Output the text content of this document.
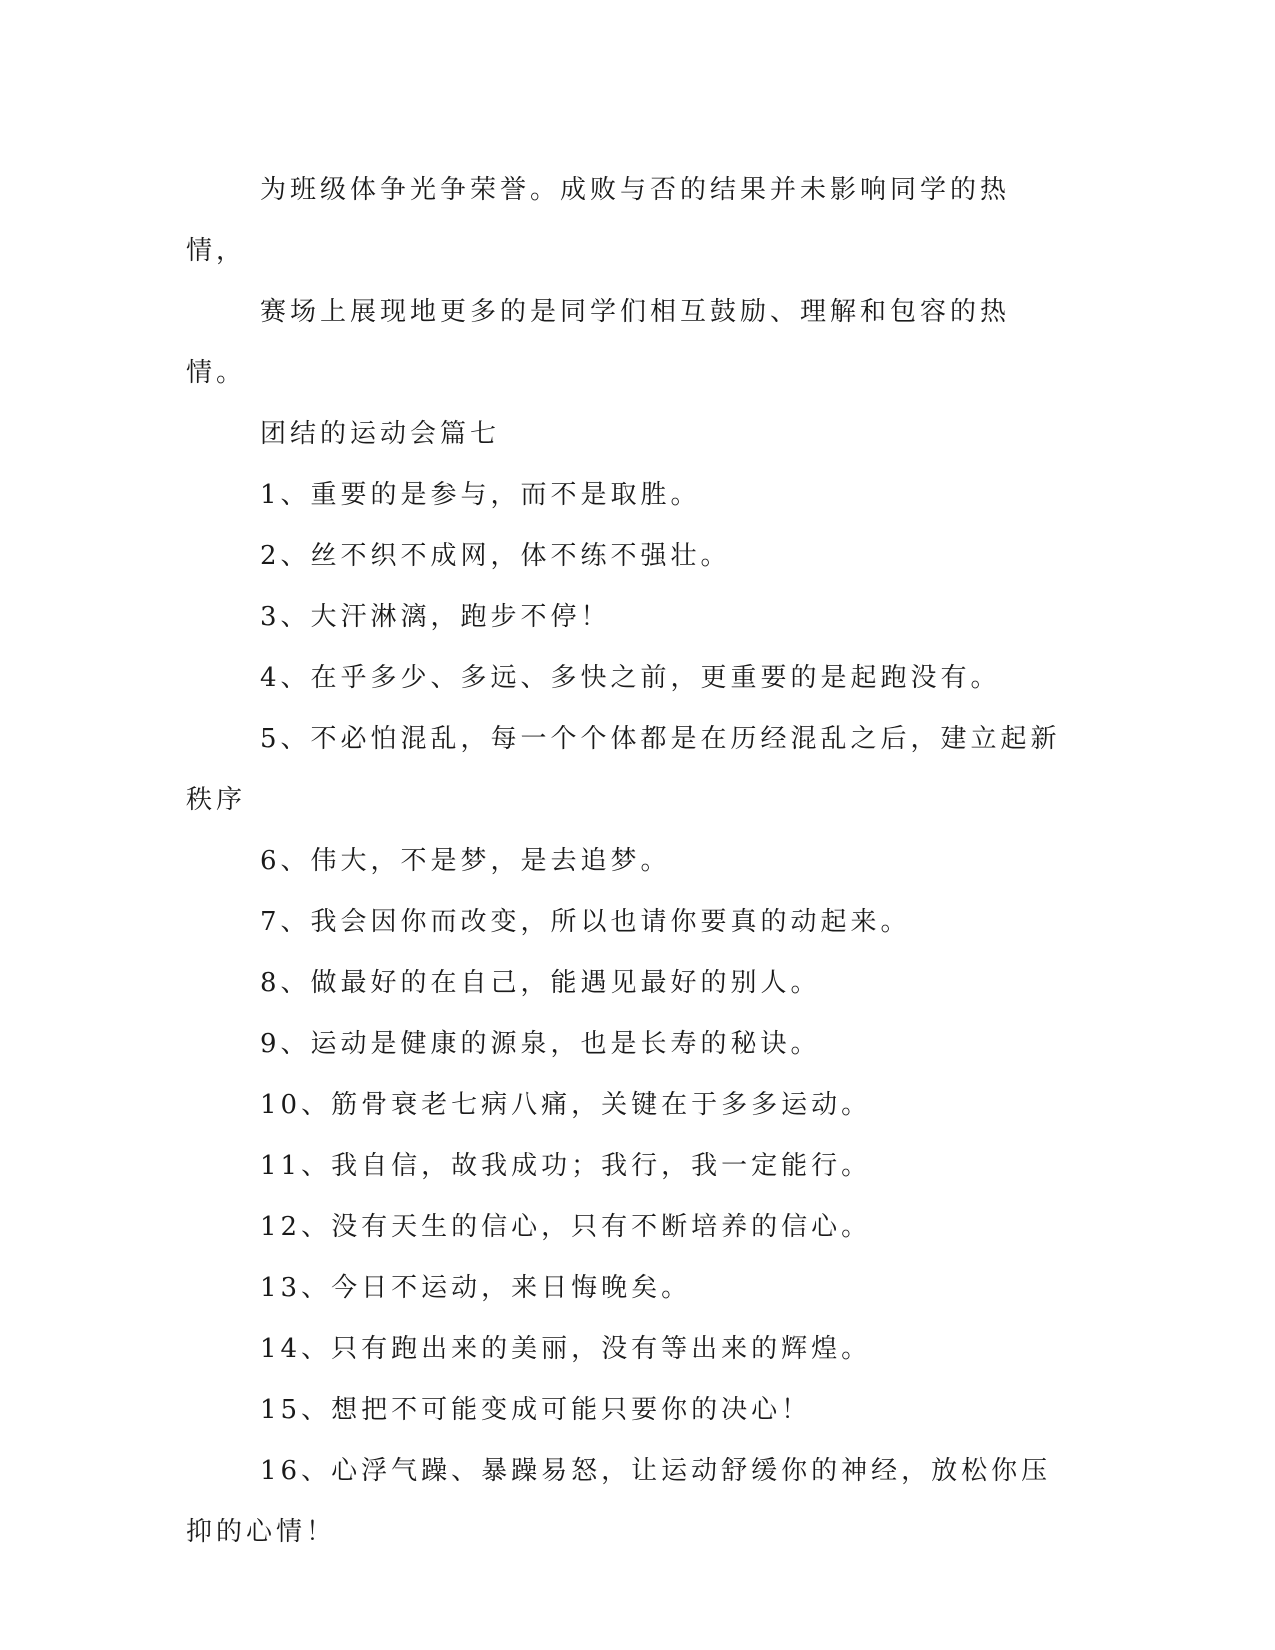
为班级体争光争荣誉。成败与否的结果并未影响同学的热情，

赛场上展现地更多的是同学们相互鼓励、理解和包容的热情。

团结的运动会篇七

1、重要的是参与，而不是取胜。

2、丝不织不成网，体不练不强壮。

3、大汗淋漓，跑步不停！

4、在乎多少、多远、多快之前，更重要的是起跑没有。

5、不必怕混乱，每一个个体都是在历经混乱之后，建立起新秩序

6、伟大，不是梦，是去追梦。

7、我会因你而改变，所以也请你要真的动起来。

8、做最好的在自己，能遇见最好的别人。

9、运动是健康的源泉，也是长寿的秘诀。

10、筋骨衰老七病八痛，关键在于多多运动。

11、我自信，故我成功；我行，我一定能行。

12、没有天生的信心，只有不断培养的信心。

13、今日不运动，来日悔晚矣。

14、只有跑出来的美丽，没有等出来的辉煌。

15、想把不可能变成可能只要你的决心！

16、心浮气躁、暴躁易怒，让运动舒缓你的神经，放松你压抑的心情！
